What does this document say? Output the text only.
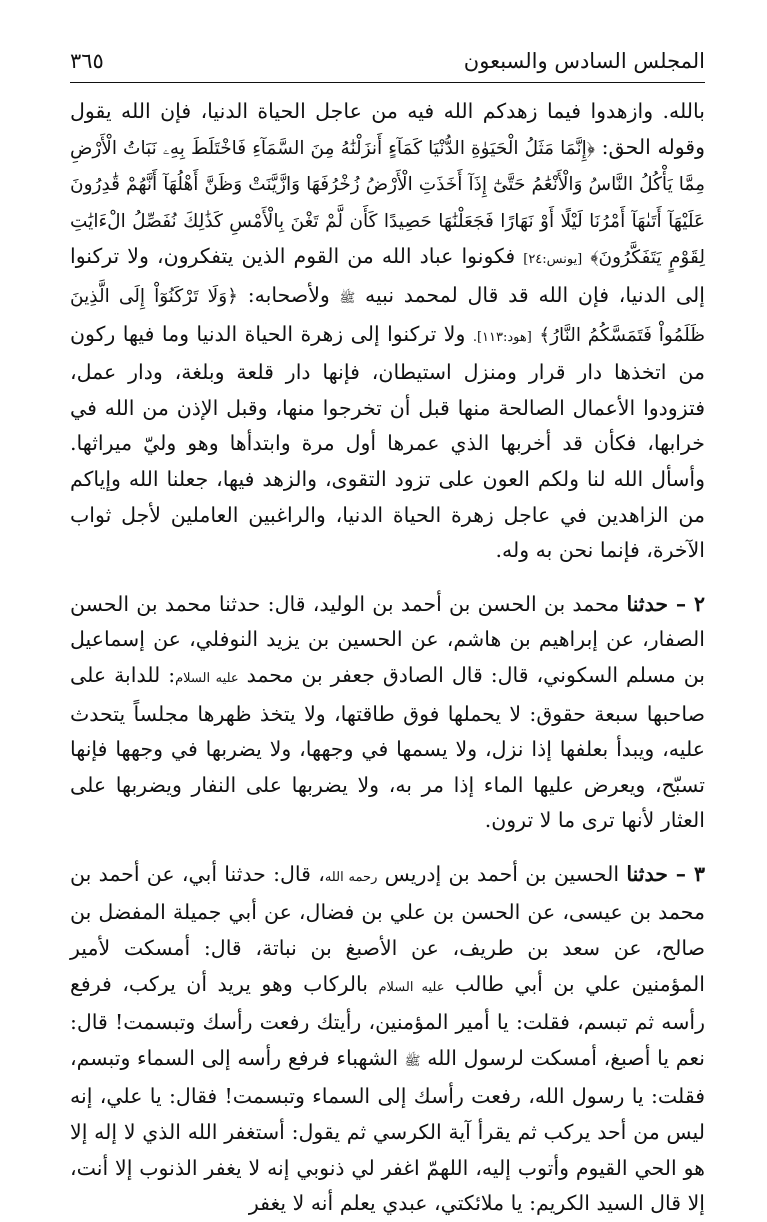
المجلس السادس والسبعون
٣٦٥

بالله. وازهدوا فيما زهدكم الله فيه من عاجل الحياة الدنيا، فإن الله يقول وقوله الحق: ﴿إِنَّمَا مَثَلُ الْحَيَوٰةِ الدُّنْيَا كَمَآءٍ أَنزَلْنَٰهُ مِنَ السَّمَآءِ فَاخْتَلَطَ بِهِۦ نَبَاتُ الْأَرْضِ مِمَّا يَأْكُلُ النَّاسُ وَالْأَنْعَٰمُ حَتَّىٰٓ إِذَآ أَخَذَتِ الْأَرْضُ زُخْرُفَهَا وَازَّيَّنَتْ وَظَنَّ أَهْلُهَآ أَنَّهُمْ قَٰدِرُونَ عَلَيْهَآ أَتَىٰهَآ أَمْرُنَا لَيْلًا أَوْ نَهَارًا فَجَعَلْنَٰهَا حَصِيدًا كَأَن لَّمْ تَغْنَ بِالْأَمْسِ كَذَٰلِكَ نُفَصِّلُ الْءَايَٰتِ لِقَوْمٍ يَتَفَكَّرُونَ﴾ [يونس:٢٤] فكونوا عباد الله من القوم الذين يتفكرون، ولا تركنوا إلى الدنيا، فإن الله قد قال لمحمد نبيه ﷺ ولأصحابه: ﴿وَلَا تَرْكَنُوٓاْ إِلَى الَّذِينَ ظَلَمُواْ فَتَمَسَّكُمُ النَّارُ﴾ [هود:١١٣]. ولا تركنوا إلى زهرة الحياة الدنيا وما فيها ركون من اتخذها دار قرار ومنزل استيطان، فإنها دار قلعة وبلغة، ودار عمل، فتزودوا الأعمال الصالحة منها قبل أن تخرجوا منها، وقبل الإذن من الله في خرابها، فكأن قد أخربها الذي عمرها أول مرة وابتدأها وهو وليّ ميراثها. وأسأل الله لنا ولكم العون على تزود التقوى، والزهد فيها، جعلنا الله وإياكم من الزاهدين في عاجل زهرة الحياة الدنيا، والراغبين العاملين لأجل ثواب الآخرة، فإنما نحن به وله.

٢ – حدثنا محمد بن الحسن بن أحمد بن الوليد، قال: حدثنا محمد بن الحسن الصفار، عن إبراهيم بن هاشم، عن الحسين بن يزيد النوفلي، عن إسماعيل بن مسلم السكوني، قال: قال الصادق جعفر بن محمد عليه السلام: للدابة على صاحبها سبعة حقوق: لا يحملها فوق طاقتها، ولا يتخذ ظهرها مجلساً يتحدث عليه، ويبدأ بعلفها إذا نزل، ولا يسمها في وجهها، ولا يضربها في وجهها فإنها تسبّح، ويعرض عليها الماء إذا مر به، ولا يضربها على النفار ويضربها على العثار لأنها ترى ما لا ترون.

٣ – حدثنا الحسين بن أحمد بن إدريس رحمه الله، قال: حدثنا أبي، عن أحمد بن محمد بن عيسى، عن الحسن بن علي بن فضال، عن أبي جميلة المفضل بن صالح، عن سعد بن طريف، عن الأصبغ بن نباتة، قال: أمسكت لأمير المؤمنين علي بن أبي طالب عليه السلام بالركاب وهو يريد أن يركب، فرفع رأسه ثم تبسم، فقلت: يا أمير المؤمنين، رأيتك رفعت رأسك وتبسمت! قال: نعم يا أصبغ، أمسكت لرسول الله ﷺ الشهباء فرفع رأسه إلى السماء وتبسم، فقلت: يا رسول الله، رفعت رأسك إلى السماء وتبسمت! فقال: يا علي، إنه ليس من أحد يركب ثم يقرأ آية الكرسي ثم يقول: أستغفر الله الذي لا إله إلا هو الحي القيوم وأتوب إليه، اللهمّ اغفر لي ذنوبي إنه لا يغفر الذنوب إلا أنت، إلا قال السيد الكريم: يا ملائكتي، عبدي يعلم أنه لا يغفر
